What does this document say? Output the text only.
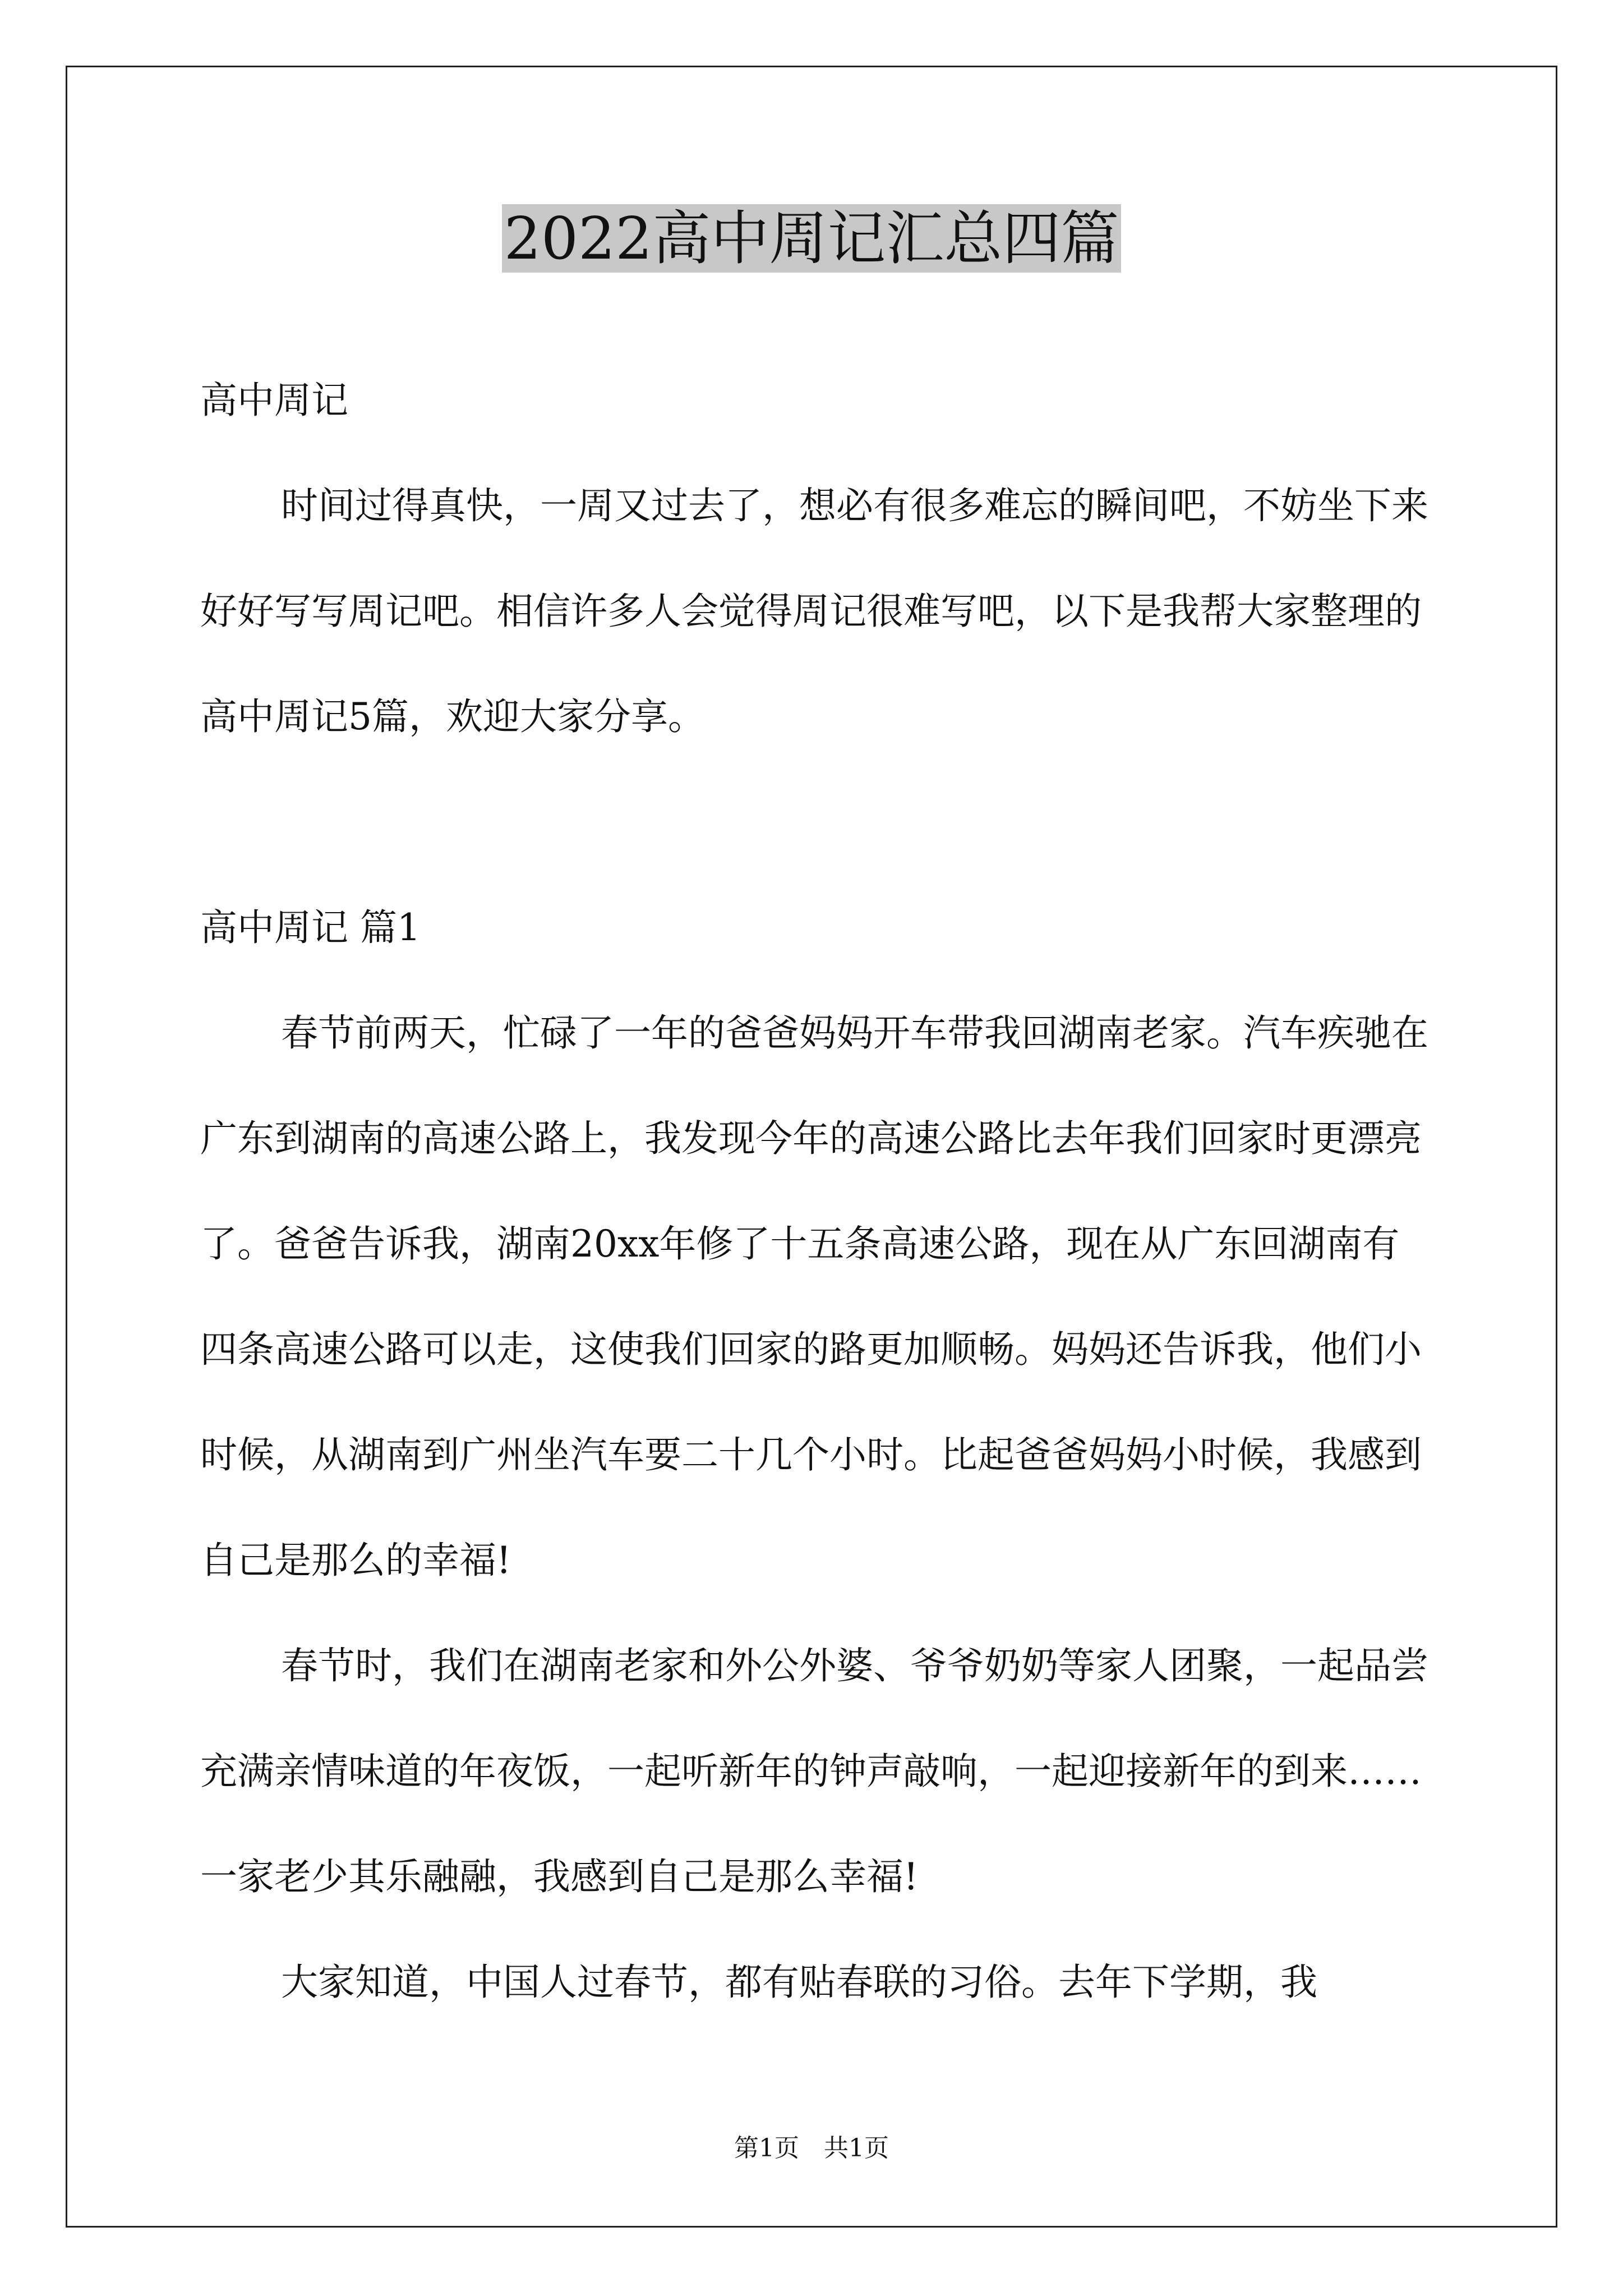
2022高中周记汇总四篇

高中周记

时间过得真快，一周又过去了，想必有很多难忘的瞬间吧，不妨坐下来好好写写周记吧。相信许多人会觉得周记很难写吧，以下是我帮大家整理的高中周记5篇，欢迎大家分享。

高中周记 篇1

春节前两天，忙碌了一年的爸爸妈妈开车带我回湖南老家。汽车疾驰在广东到湖南的高速公路上，我发现今年的高速公路比去年我们回家时更漂亮了。爸爸告诉我，湖南20xx年修了十五条高速公路，现在从广东回湖南有四条高速公路可以走，这使我们回家的路更加顺畅。妈妈还告诉我，他们小时候，从湖南到广州坐汽车要二十几个小时。比起爸爸妈妈小时候，我感到自己是那么的幸福!

春节时，我们在湖南老家和外公外婆、爷爷奶奶等家人团聚，一起品尝充满亲情味道的年夜饭，一起听新年的钟声敲响，一起迎接新年的到来……一家老少其乐融融，我感到自己是那么幸福!

大家知道，中国人过春节，都有贴春联的习俗。去年下学期，我

第1页　共1页
